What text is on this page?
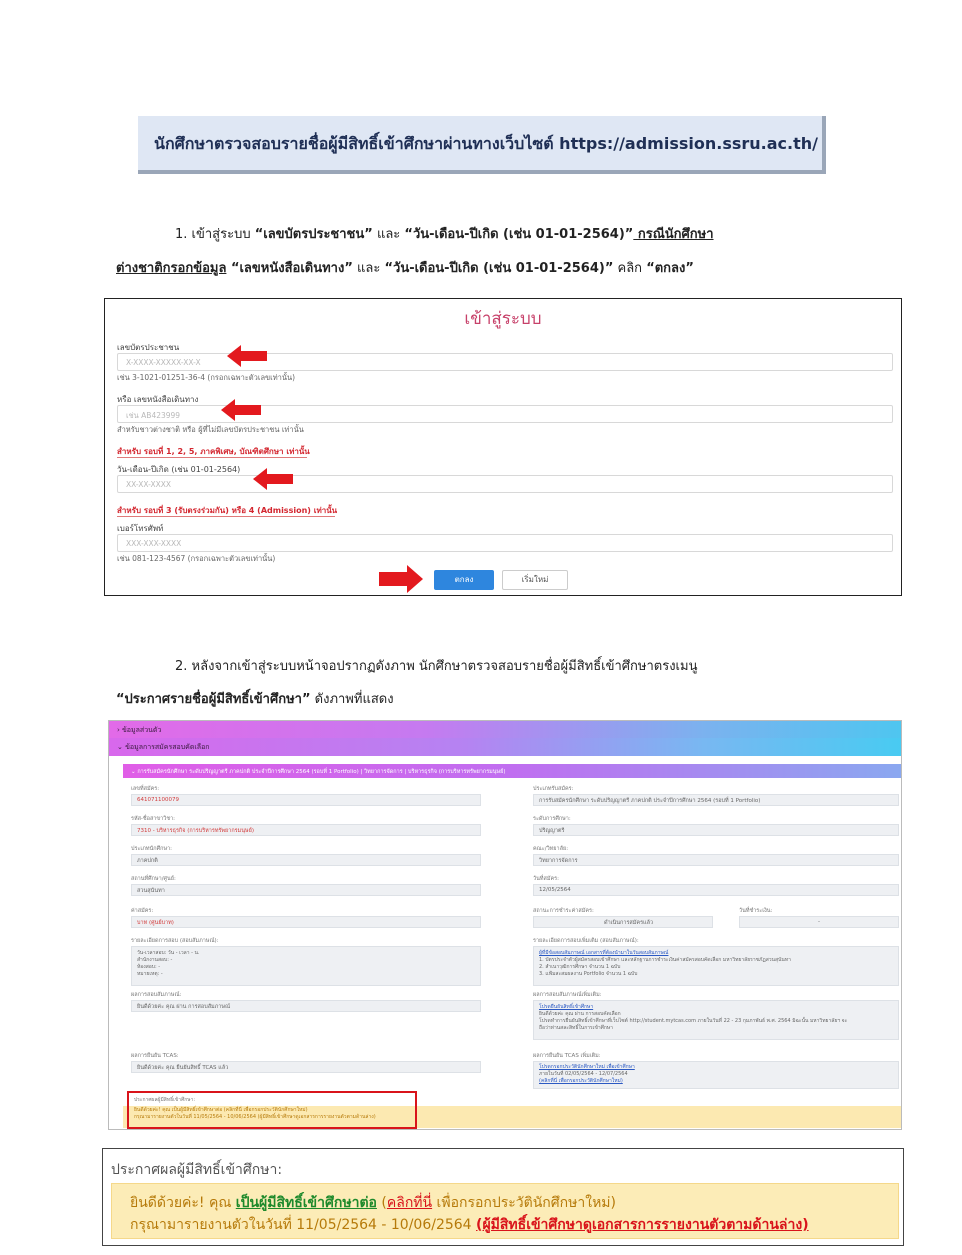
นักศึกษาตรวจสอบรายชื่อผู้มีสิทธิ์เข้าศึกษาผ่านทางเว็บไซต์ https://admission.ssru.ac.th/
1. เข้าสู่ระบบ “เลขบัตรประชาชน” และ “วัน-เดือน-ปีเกิด (เช่น 01-01-2564)” กรณีนักศึกษา
ต่างชาติกรอกข้อมูล “เลขหนังสือเดินทาง” และ “วัน-เดือน-ปีเกิด (เช่น 01-01-2564)” คลิก “ตกลง”
เข้าสู่ระบบ
เลขบัตรประชาชน
X-XXXX-XXXXX-XX-X
เช่น 3-1021-01251-36-4 (กรอกเฉพาะตัวเลขเท่านั้น)
หรือ เลขหนังสือเดินทาง
เช่น AB423999
สำหรับชาวต่างชาติ หรือ ผู้ที่ไม่มีเลขบัตรประชาชน เท่านั้น
สำหรับ รอบที่ 1, 2, 5, ภาคพิเศษ, บัณฑิตศึกษา เท่านั้น
วัน-เดือน-ปีเกิด (เช่น 01-01-2564)
XX-XX-XXXX
สำหรับ รอบที่ 3 (รับตรงร่วมกัน) หรือ 4 (Admission) เท่านั้น
เบอร์โทรศัพท์
XXX-XXX-XXXX
เช่น 081-123-4567 (กรอกเฉพาะตัวเลขเท่านั้น)
ตกลง	เริ่มใหม่
2. หลังจากเข้าสู่ระบบหน้าจอปรากฏดังภาพ นักศึกษาตรวจสอบรายชื่อผู้มีสิทธิ์เข้าศึกษาตรงเมนู
“ประกาศรายชื่อผู้มีสิทธิ์เข้าศึกษา” ดังภาพที่แสดง
› ข้อมูลส่วนตัว
⌄ ข้อมูลการสมัครสอบคัดเลือก
⌄ การรับสมัครนักศึกษา ระดับปริญญาตรี ภาคปกติ ประจำปีการศึกษา 2564 (รอบที่ 1 Portfolio) | วิทยาการจัดการ | บริหารธุรกิจ (การบริหารทรัพยากรมนุษย์)
เลขที่สมัคร:
641071100079
รหัส-ชื่อสาขาวิชา:
7310 - บริหารธุรกิจ (การบริหารทรัพยากรมนุษย์)
ประเภทนักศึกษา:
ภาคปกติ
สถานที่ศึกษา/ศูนย์:
สวนสุนันทา
ค่าสมัคร:
บาท (ศูนย์บาท)
รายละเอียดการสอบ (สอบสัมภาษณ์):
วัน-เวลาสอบ: วัน - เวลา - น.
สำนักงานสอบ: -
ห้องสอบ: -
หมายเหตุ: -
ผลการสอบสัมภาษณ์:
ยินดีด้วยค่ะ คุณ ผ่าน การสอบสัมภาษณ์
ผลการยืนยัน TCAS:
ยินดีด้วยค่ะ คุณ ยืนยันสิทธิ์ TCAS แล้ว
ประเภทรับสมัคร:
การรับสมัครนักศึกษา ระดับปริญญาตรี ภาคปกติ ประจำปีการศึกษา 2564 (รอบที่ 1 Portfolio)
ระดับการศึกษา:
ปริญญาตรี
คณะ/วิทยาลัย:
วิทยาการจัดการ
วันที่สมัคร:
12/05/2564
สถานะการชำระค่าสมัคร:
ดำเนินการสมัครแล้ว
วันที่ชำระเงิน:
-
รายละเอียดการสอบเพิ่มเติม (สอบสัมภาษณ์):
ผู้ที่มีข้อสอบสัมภาษณ์ เอกสารที่ต้องนำมาในวันสอบสัมภาษณ์
1. บัตรประจำตัวผู้สมัครสอบเข้าศึกษา และหลักฐานการชำระเงินค่าสมัครสอบคัดเลือก มหาวิทยาลัยราชภัฏสวนสุนันทา
2. สำเนาวุฒิการศึกษา จำนวน 1 ฉบับ
3. แฟ้มสะสมผลงาน Portfolio จำนวน 1 ฉบับ
ผลการสอบสัมภาษณ์เพิ่มเติม:
โปรดยืนยันสิทธิ์เข้าศึกษา
ยินดีด้วยค่ะ คุณ ผ่าน การสอบคัดเลือก
โปรดทำการยืนยันสิทธิ์เข้าศึกษาที่เว็บไซต์ http://student.mytcas.com ภายในวันที่ 22 - 23 กุมภาพันธ์ พ.ศ. 2564 มิฉะนั้น มหาวิทยาลัยฯ จะ
ถือว่าท่านสละสิทธิ์ในการเข้าศึกษา
ผลการยืนยัน TCAS เพิ่มเติม:
โปรดกรอกประวัตินักศึกษาใหม่ เพื่อเข้าศึกษา
ภายในวันที่ 02/05/2564 - 12/07/2564
(คลิกที่นี่ เพื่อกรอกประวัตินักศึกษาใหม่)
ประกาศผลผู้มีสิทธิ์เข้าศึกษา:
ยินดีด้วยค่ะ! คุณ เป็นผู้มีสิทธิ์เข้าศึกษาต่อ (คลิกที่นี่ เพื่อกรอกประวัตินักศึกษาใหม่)
กรุณามารายงานตัวในวันที่ 11/05/2564 - 10/06/2564 (ผู้มีสิทธิ์เข้าศึกษาดูเอกสารการรายงานตัวตามด้านล่าง)
ประกาศผลผู้มีสิทธิ์เข้าศึกษา:
ยินดีด้วยค่ะ! คุณ เป็นผู้มีสิทธิ์เข้าศึกษาต่อ (คลิกที่นี่ เพื่อกรอกประวัตินักศึกษาใหม่)
กรุณามารายงานตัวในวันที่ 11/05/2564 - 10/06/2564 (ผู้มีสิทธิ์เข้าศึกษาดูเอกสารการรายงานตัวตามด้านล่าง)
